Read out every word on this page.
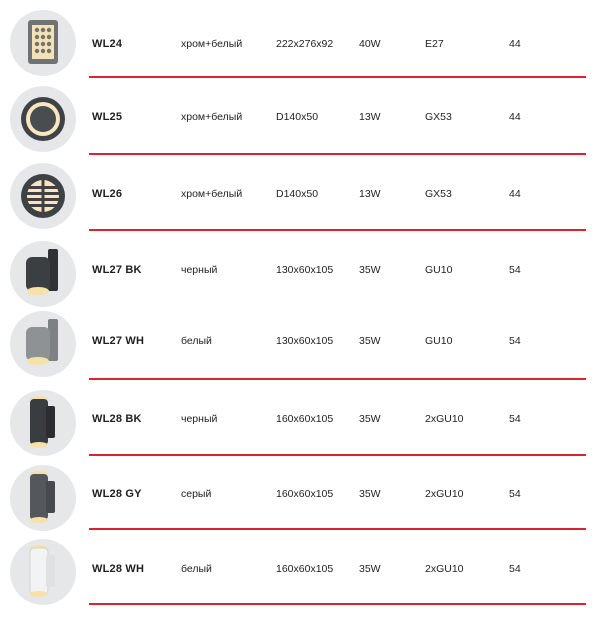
WL24	хром+белый	222x276x92 40W	E27	44
WL25	хром+белый	D140x50	13W	GX53	44
WL26	хром+белый	D140x50	13W	GX53	44
WL27 BK	черный	130x60x105 35W	GU10	54
WL27 WH	белый	130x60x105 35W	GU10	54
WL28 BK	черный	160x60x105 35W	2xGU10	54
WL28 GY	серый	160x60x105 35W	2xGU10	54
WL28 WH	белый	160x60x105 35W	2xGU10	54
